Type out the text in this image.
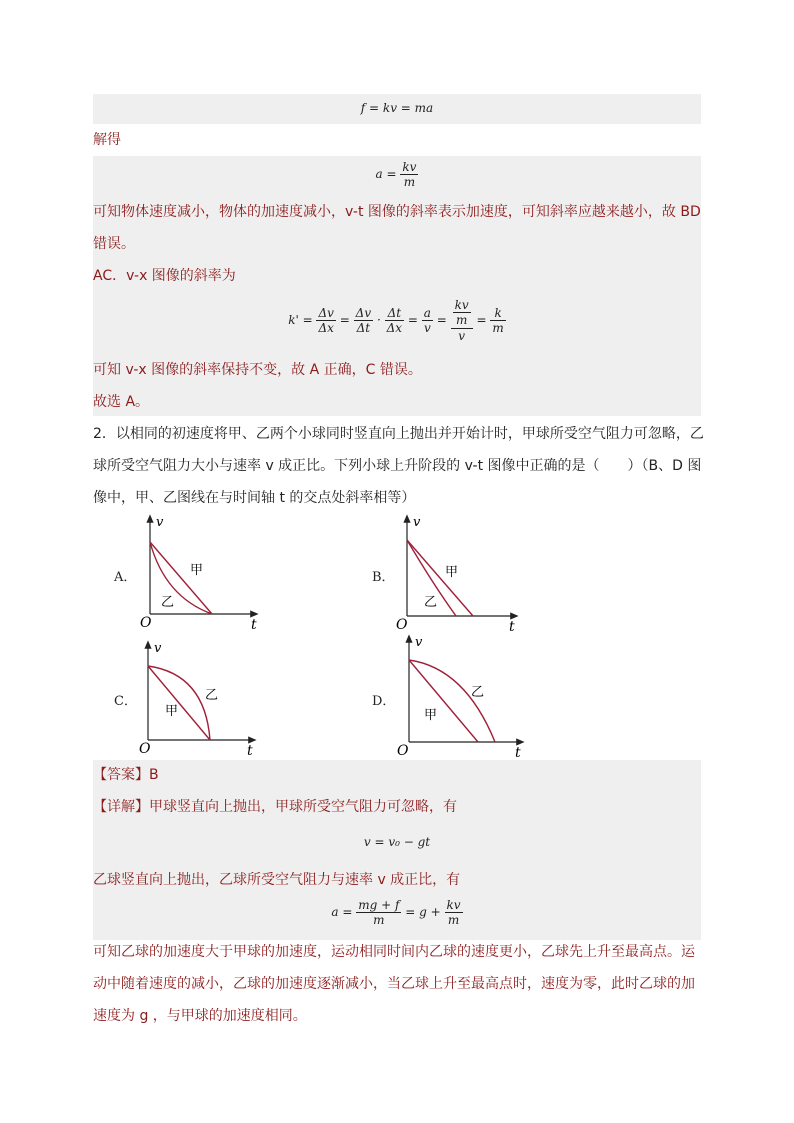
f = kv = ma
解得
$a = \frac{kv}{m}$
可知物体速度减小，物体的加速度减小，v-t 图像的斜率表示加速度，可知斜率应越来越小，故 BD
错误。
AC．v-x 图像的斜率为
$k' = \frac{\Delta v}{\Delta x} = \frac{\Delta v}{\Delta t} \cdot \frac{\Delta t}{\Delta x} = \frac{a}{v} = \frac{\frac{kv}{m}}{v} = \frac{k}{m}$
可知 v-x 图像的斜率保持不变，故 A 正确，C 错误。
故选 A。
2．以相同的初速度将甲、乙两个小球同时竖直向上抛出并开始计时，甲球所受空气阻力可忽略，乙
球所受空气阻力大小与速率 v 成正比。下列小球上升阶段的 v-t 图像中正确的是（　　）（B、D 图
像中，甲、乙图线在与时间轴 t 的交点处斜率相等）
A．
v
t
O
甲
乙
B．
v
t
O
甲
乙
C．
v
t
O
甲
乙	D．
v
t
O
甲
乙
【答案】B
【详解】甲球竖直向上抛出，甲球所受空气阻力可忽略，有
v = v₀ − gt
乙球竖直向上抛出，乙球所受空气阻力与速率 v 成正比，有
$a = \frac{mg + f}{m} = g + \frac{kv}{m}$
可知乙球的加速度大于甲球的加速度，运动相同时间内乙球的速度更小，乙球先上升至最高点。运
动中随着速度的减小，乙球的加速度逐渐减小，当乙球上升至最高点时，速度为零，此时乙球的加
速度为 g ，与甲球的加速度相同。
